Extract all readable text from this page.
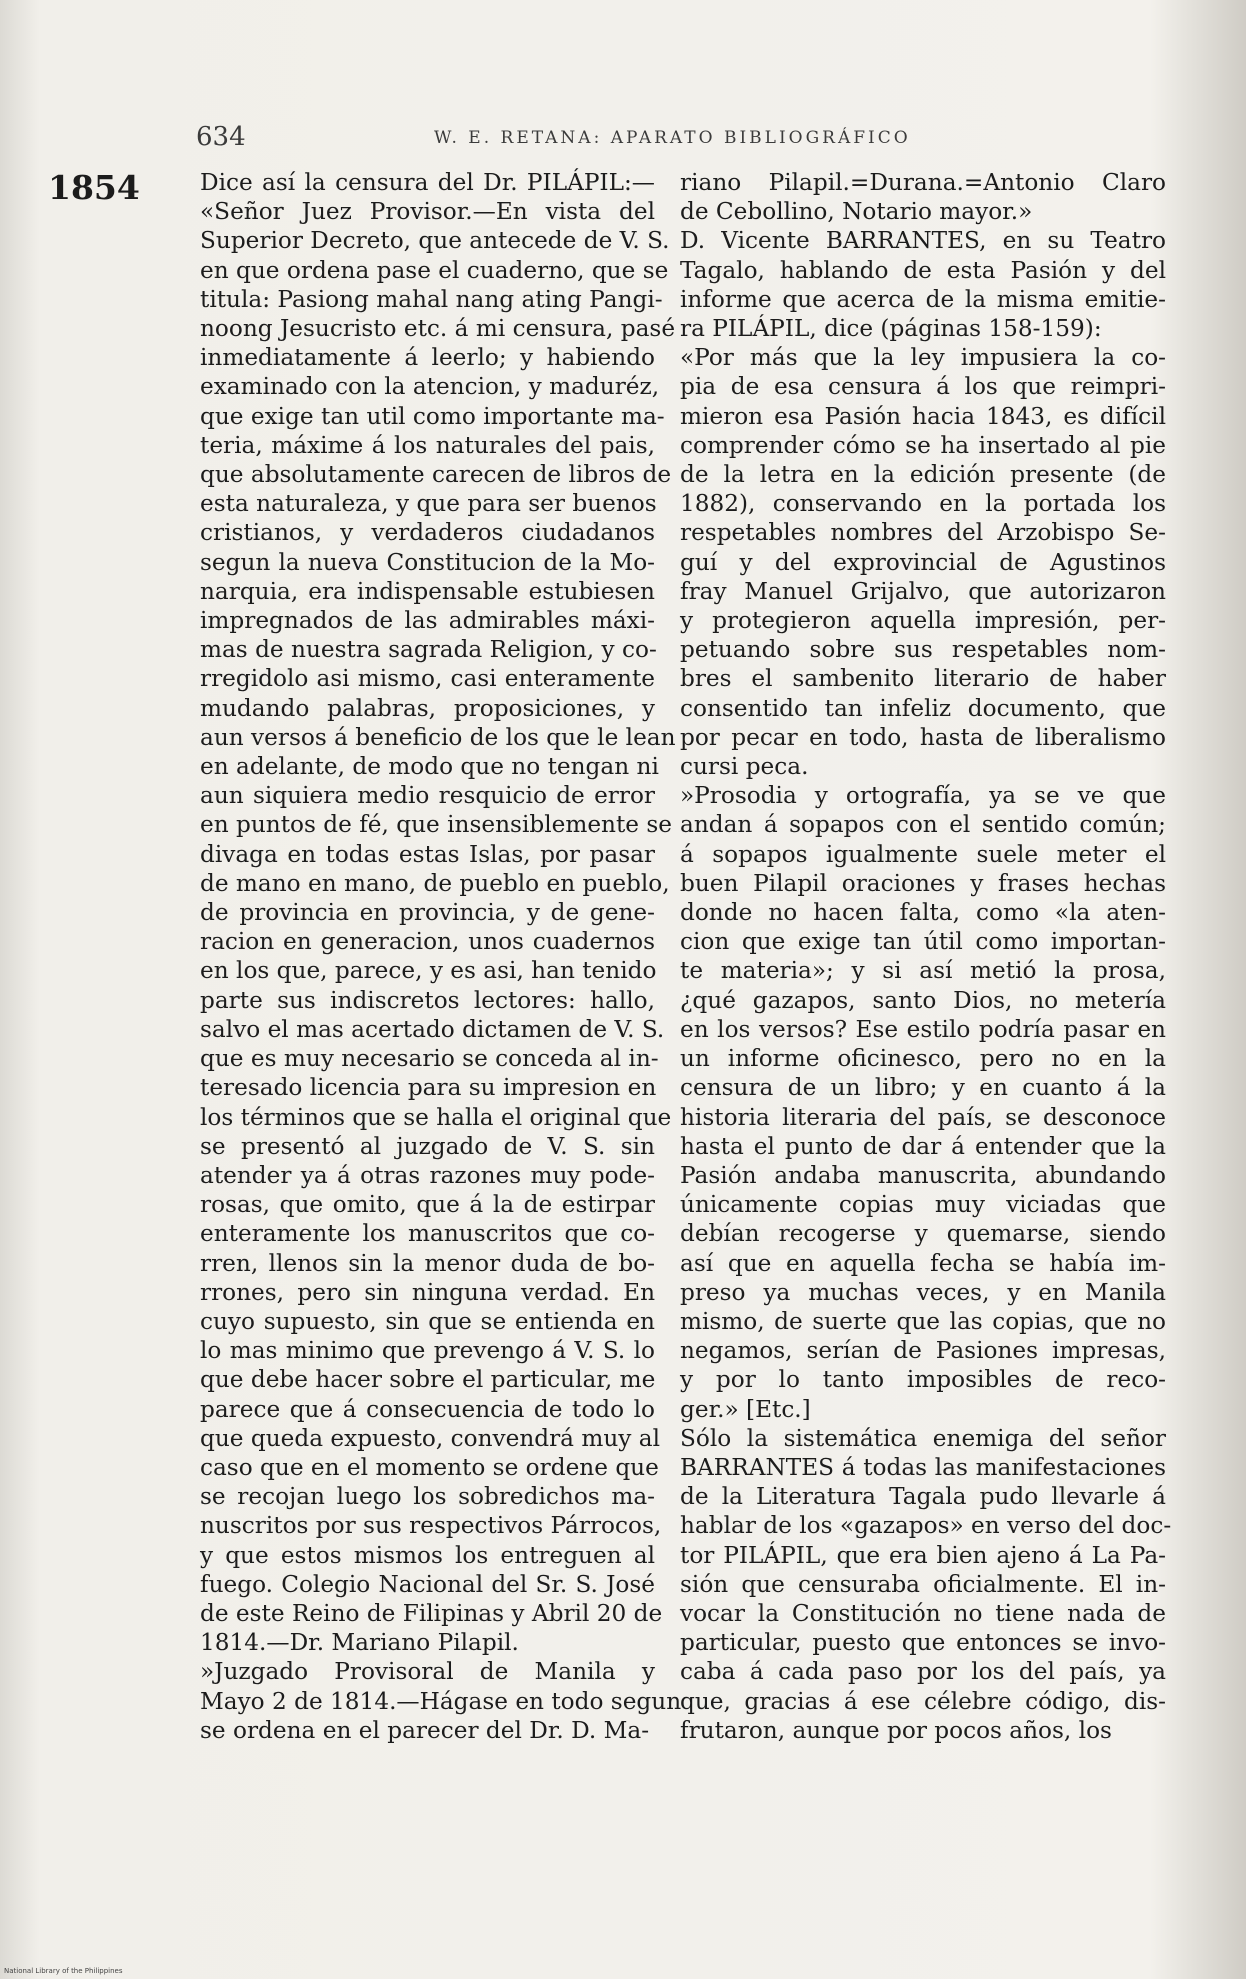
634	W. E. RETANA: APARATO BIBLIOGRÁFICO
1854	Dice así la censura del Dr. PILÁPIL:—
«Señor Juez Provisor.—En vista del
Superior Decreto, que antecede de V. S.
en que ordena pase el cuaderno, que se
titula: Pasiong mahal nang ating Pangi-
noong Jesucristo etc. á mi censura, pasé
inmediatamente á leerlo; y habiendo
examinado con la atencion, y maduréz,
que exige tan util como importante ma-
teria, máxime á los naturales del pais,
que absolutamente carecen de libros de
esta naturaleza, y que para ser buenos
cristianos, y verdaderos ciudadanos
segun la nueva Constitucion de la Mo-
narquia, era indispensable estubiesen
impregnados de las admirables máxi-
mas de nuestra sagrada Religion, y co-
rregidolo asi mismo, casi enteramente
mudando palabras, proposiciones, y
aun versos á beneficio de los que le lean
en adelante, de modo que no tengan ni
aun siquiera medio resquicio de error
en puntos de fé, que insensiblemente se
divaga en todas estas Islas, por pasar
de mano en mano, de pueblo en pueblo,
de provincia en provincia, y de gene-
racion en generacion, unos cuadernos
en los que, parece, y es asi, han tenido
parte sus indiscretos lectores: hallo,
salvo el mas acertado dictamen de V. S.
que es muy necesario se conceda al in-
teresado licencia para su impresion en
los términos que se halla el original que
se presentó al juzgado de V. S. sin
atender ya á otras razones muy pode-
rosas, que omito, que á la de estirpar
enteramente los manuscritos que co-
rren, llenos sin la menor duda de bo-
rrones, pero sin ninguna verdad. En
cuyo supuesto, sin que se entienda en
lo mas minimo que prevengo á V. S. lo
que debe hacer sobre el particular, me
parece que á consecuencia de todo lo
que queda expuesto, convendrá muy al
caso que en el momento se ordene que
se recojan luego los sobredichos ma-
nuscritos por sus respectivos Párrocos,
y que estos mismos los entreguen al
fuego. Colegio Nacional del Sr. S. José
de este Reino de Filipinas y Abril 20 de
1814.—Dr. Mariano Pilapil.
»Juzgado Provisoral de Manila y
Mayo 2 de 1814.—Hágase en todo segun
se ordena en el parecer del Dr. D. Ma-
riano Pilapil.=Durana.=Antonio Claro
de Cebollino, Notario mayor.»
D. Vicente BARRANTES, en su Teatro
Tagalo, hablando de esta Pasión y del
informe que acerca de la misma emitie-
ra PILÁPIL, dice (páginas 158-159):
«Por más que la ley impusiera la co-
pia de esa censura á los que reimpri-
mieron esa Pasión hacia 1843, es difícil
comprender cómo se ha insertado al pie
de la letra en la edición presente (de
1882), conservando en la portada los
respetables nombres del Arzobispo Se-
guí y del exprovincial de Agustinos
fray Manuel Grijalvo, que autorizaron
y protegieron aquella impresión, per-
petuando sobre sus respetables nom-
bres el sambenito literario de haber
consentido tan infeliz documento, que
por pecar en todo, hasta de liberalismo
cursi peca.
»Prosodia y ortografía, ya se ve que
andan á sopapos con el sentido común;
á sopapos igualmente suele meter el
buen Pilapil oraciones y frases hechas
donde no hacen falta, como «la aten-
cion que exige tan útil como importan-
te materia»; y si así metió la prosa,
¿qué gazapos, santo Dios, no metería
en los versos? Ese estilo podría pasar en
un informe oficinesco, pero no en la
censura de un libro; y en cuanto á la
historia literaria del país, se desconoce
hasta el punto de dar á entender que la
Pasión andaba manuscrita, abundando
únicamente copias muy viciadas que
debían recogerse y quemarse, siendo
así que en aquella fecha se había im-
preso ya muchas veces, y en Manila
mismo, de suerte que las copias, que no
negamos, serían de Pasiones impresas,
y por lo tanto imposibles de reco-
ger.» [Etc.]
Sólo la sistemática enemiga del señor
BARRANTES á todas las manifestaciones
de la Literatura Tagala pudo llevarle á
hablar de los «gazapos» en verso del doc-
tor PILÁPIL, que era bien ajeno á La Pa-
sión que censuraba oficialmente. El in-
vocar la Constitución no tiene nada de
particular, puesto que entonces se invo-
caba á cada paso por los del país, ya
que, gracias á ese célebre código, dis-
frutaron, aunque por pocos años, los
National Library of the Philippines
